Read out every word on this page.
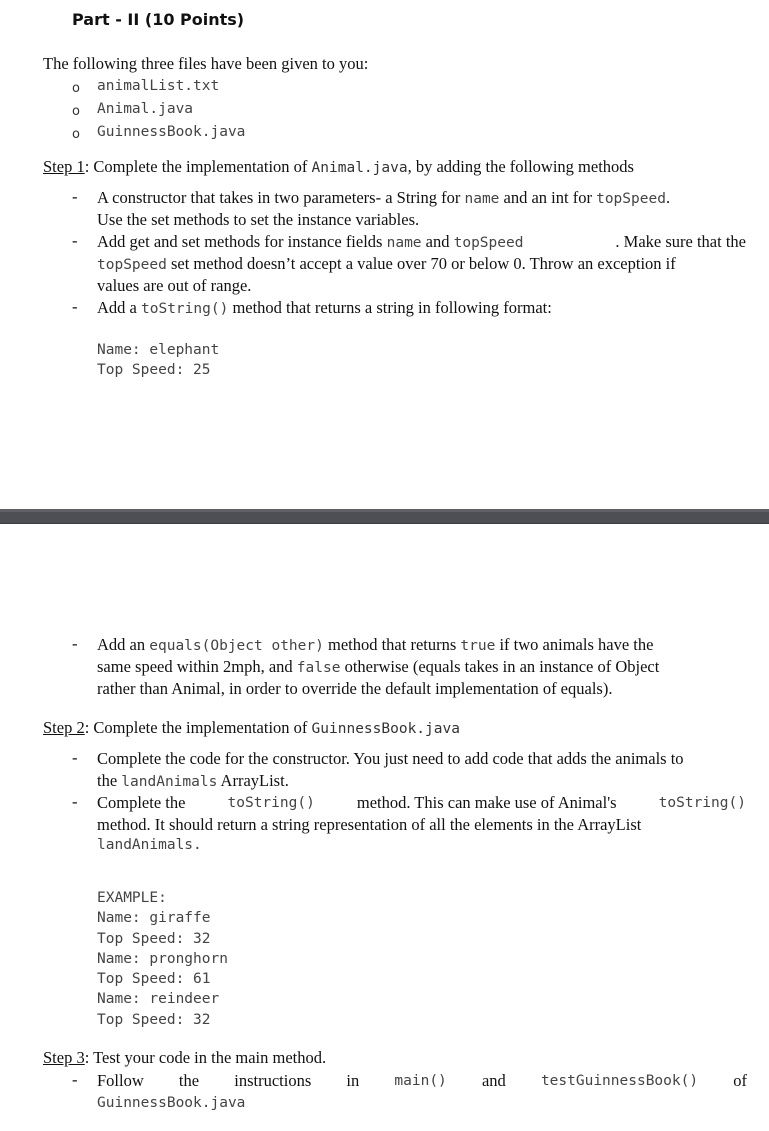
Part - II (10 Points)
The following three files have been given to you:
o animalList.txt
o Animal.java
o GuinnessBook.java
Step 1: Complete the implementation of Animal.java, by adding the following methods
- A constructor that takes in two parameters- a String for name and an int for topSpeed.
Use the set methods to set the instance variables.
- Add get and set methods for instance fields name and topSpeed	. Make sure that the
topSpeed set method doesn’t accept a value over 70 or below 0. Throw an exception if
values are out of range.
- Add a toString() method that returns a string in following format:
Name: elephant
Top Speed: 25
- Add an equals(Object other) method that returns true if two animals have the
same speed within 2mph, and false otherwise (equals takes in an instance of Object
rather than Animal, in order to override the default implementation of equals).
Step 2: Complete the implementation of GuinnessBook.java
- Complete the code for the constructor. You just need to add code that adds the animals to
the landAnimals ArrayList.
- Complete the	toString()	method. This can make use of Animal's	toString()
method. It should return a string representation of all the elements in the ArrayList
landAnimals.
EXAMPLE:
Name: giraffe
Top Speed: 32
Name: pronghorn
Top Speed: 61
Name: reindeer
Top Speed: 32
Step 3: Test your code in the main method.
- Follow the instructions in main() and testGuinnessBook() of
GuinnessBook.java
